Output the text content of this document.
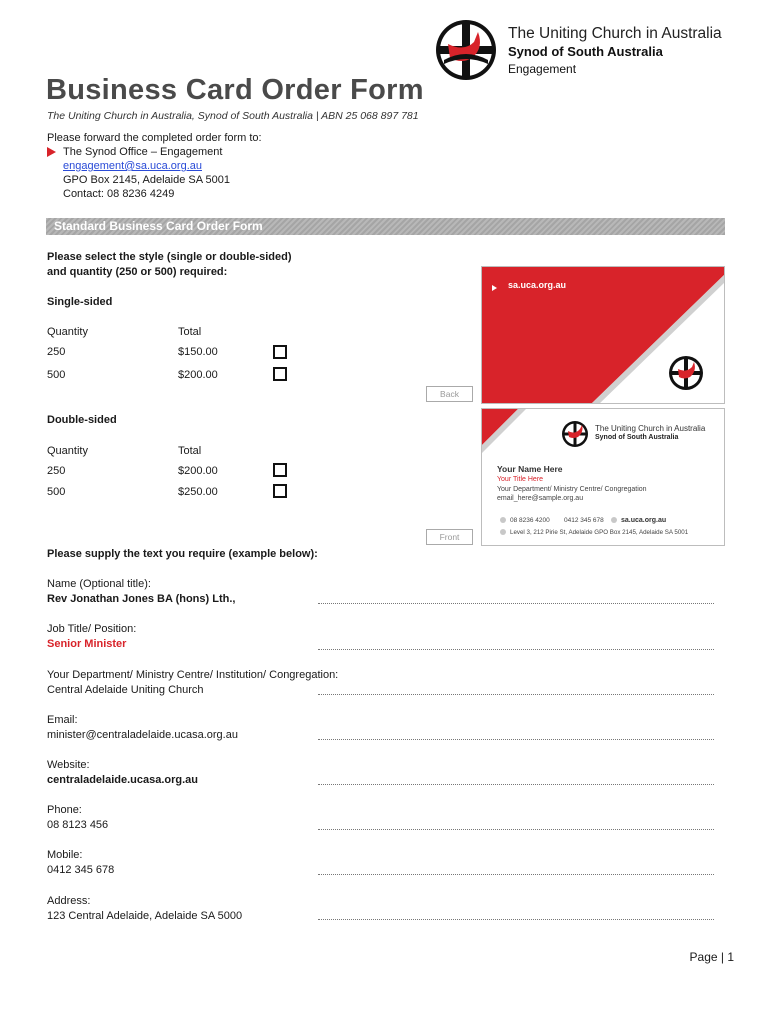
The Uniting Church in Australia
Synod of South Australia
Engagement
Business Card Order Form
The Uniting Church in Australia, Synod of South Australia | ABN 25 068 897 781
Please forward the completed order form to:
The Synod Office – Engagement
engagement@sa.uca.org.au
GPO Box 2145, Adelaide SA 5001
Contact: 08 8236 4249
Standard Business Card Order Form
Please select the style (single or double-sided)
and quantity (250 or 500) required:
Single-sided
Quantity	Total
250	$150.00
500	$200.00
sa.uca.org.au
Back
Double-sided
Quantity	Total
250	$200.00
500	$250.00
The Uniting Church in Australia
Synod of South Australia
Your Name Here
Your Title Here
Your Department/ Ministry Centre/ Congregation
email_here@sample.org.au
08 8236 4200 0412 345 678 sa.uca.org.au
Level 3, 212 Pirie St, Adelaide GPO Box 2145, Adelaide SA 5001
Front
Please supply the text you require (example below):
Name (Optional title):
Rev Jonathan Jones BA (hons) Lth.,
Job Title/ Position:
Senior Minister
Your Department/ Ministry Centre/ Institution/ Congregation:
Central Adelaide Uniting Church
Email:
minister@centraladelaide.ucasa.org.au
Website:
centraladelaide.ucasa.org.au
Phone:
08 8123 456
Mobile:
0412 345 678
Address:
123 Central Adelaide, Adelaide SA 5000
Page | 1
